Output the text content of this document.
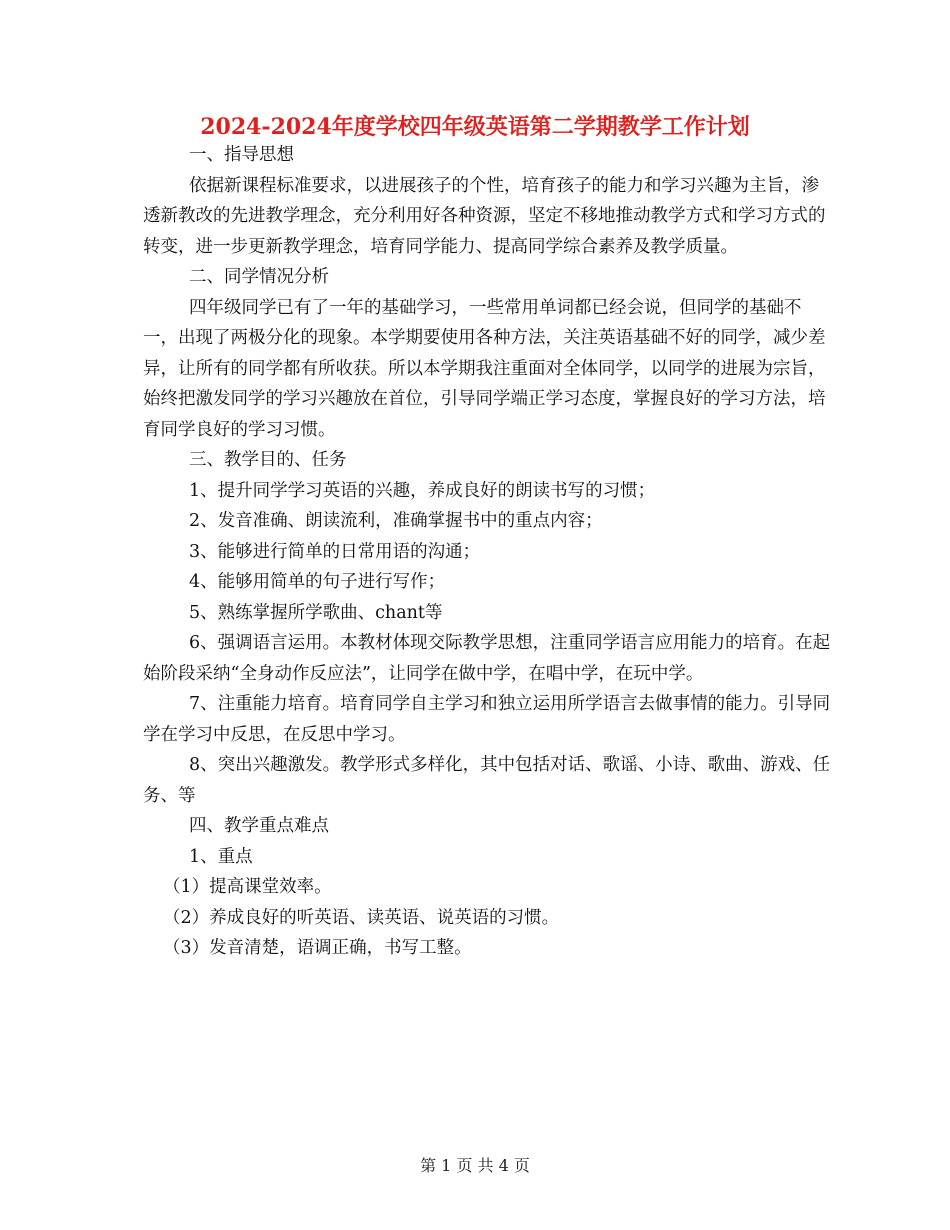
2024-2024年度学校四年级英语第二学期教学工作计划

一、指导思想

依据新课程标准要求，以进展孩子的个性，培育孩子的能力和学习兴趣为主旨，渗透新教改的先进教学理念，充分利用好各种资源，坚定不移地推动教学方式和学习方式的转变，进一步更新教学理念，培育同学能力、提高同学综合素养及教学质量。

二、同学情况分析

四年级同学已有了一年的基础学习，一些常用单词都已经会说，但同学的基础不一，出现了两极分化的现象。本学期要使用各种方法，关注英语基础不好的同学，减少差异，让所有的同学都有所收获。所以本学期我注重面对全体同学，以同学的进展为宗旨，始终把激发同学的学习兴趣放在首位，引导同学端正学习态度，掌握良好的学习方法，培育同学良好的学习习惯。

三、教学目的、任务

1、提升同学学习英语的兴趣，养成良好的朗读书写的习惯；

2、发音准确、朗读流利，准确掌握书中的重点内容；

3、能够进行简单的日常用语的沟通；

4、能够用简单的句子进行写作；

5、熟练掌握所学歌曲、chant等

6、强调语言运用。本教材体现交际教学思想，注重同学语言应用能力的培育。在起始阶段采纳“全身动作反应法”，让同学在做中学，在唱中学，在玩中学。

7、注重能力培育。培育同学自主学习和独立运用所学语言去做事情的能力。引导同学在学习中反思，在反思中学习。

8、突出兴趣激发。教学形式多样化，其中包括对话、歌谣、小诗、歌曲、游戏、任务、等

四、教学重点难点

1、重点

（1）提高课堂效率。

（2）养成良好的听英语、读英语、说英语的习惯。

（3）发音清楚，语调正确，书写工整。

第 1 页 共 4 页
